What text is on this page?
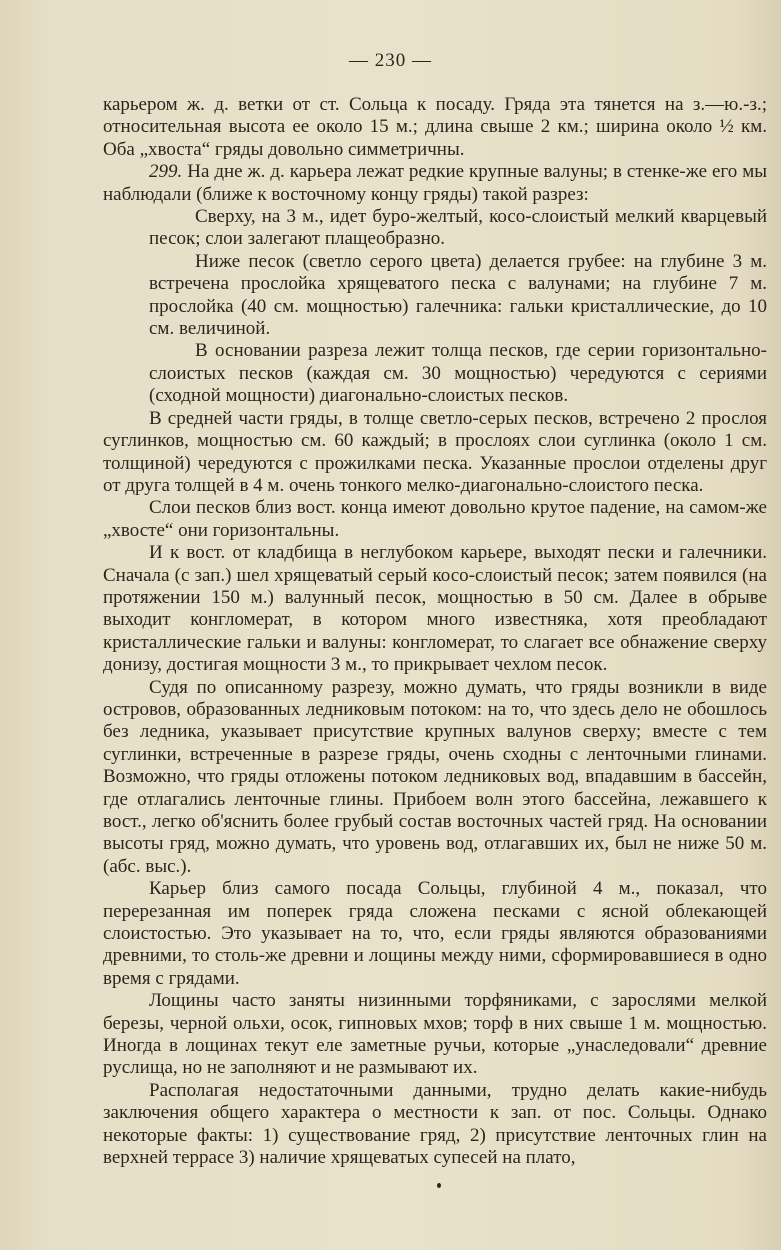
— 230 —

карьером ж. д. ветки от ст. Сольца к посаду. Гряда эта тянется на з.—ю.-з.; относительная высота ее около 15 м.; длина свыше 2 км.; ширина около ½ км. Оба „хвоста“ гряды довольно симметричны.

299. На дне ж. д. карьера лежат редкие крупные валуны; в стенке-же его мы наблюдали (ближе к восточному концу гряды) такой разрез:

Сверху, на 3 м., идет буро-желтый, косо-слоистый мелкий кварцевый песок; слои залегают плащеобразно.

Ниже песок (светло серого цвета) делается грубее: на глубине 3 м. встречена прослойка хрящеватого песка с валунами; на глубине 7 м. прослойка (40 см. мощностью) галечника: гальки кристаллические, до 10 см. величиной.

В основании разреза лежит толща песков, где серии горизонтально-слоистых песков (каждая см. 30 мощностью) чередуются с сериями (сходной мощности) диагонально-слоистых песков.

В средней части гряды, в толще светло-серых песков, встречено 2 прослоя суглинков, мощностью см. 60 каждый; в прослоях слои суглинка (около 1 см. толщиной) чередуются с прожилками песка. Указанные прослои отделены друг от друга толщей в 4 м. очень тонкого мелко-диагонально-слоистого песка.

Слои песков близ вост. конца имеют довольно крутое падение, на самом-же „хвосте“ они горизонтальны.

И к вост. от кладбища в неглубоком карьере, выходят пески и галечники. Сначала (с зап.) шел хрящеватый серый косо-слоистый песок; затем появился (на протяжении 150 м.) валунный песок, мощностью в 50 см. Далее в обрыве выходит конгломерат, в котором много известняка, хотя преобладают кристаллические гальки и валуны: конгломерат, то слагает все обнажение сверху донизу, достигая мощности 3 м., то прикрывает чехлом песок.

Судя по описанному разрезу, можно думать, что гряды возникли в виде островов, образованных ледниковым потоком: на то, что здесь дело не обошлось без ледника, указывает присутствие крупных валунов сверху; вместе с тем суглинки, встреченные в разрезе гряды, очень сходны с ленточными глинами. Возможно, что гряды отложены потоком ледниковых вод, впадавшим в бассейн, где отлагались ленточные глины. Прибоем волн этого бассейна, лежавшего к вост., легко об'яснить более грубый состав восточных частей гряд. На основании высоты гряд, можно думать, что уровень вод, отлагавших их, был не ниже 50 м. (абс. выс.).

Карьер близ самого посада Сольцы, глубиной 4 м., показал, что перерезанная им поперек гряда сложена песками с ясной облекающей слоистостью. Это указывает на то, что, если гряды являются образованиями древними, то столь-же древни и лощины между ними, сформировавшиеся в одно время с грядами.

Лощины часто заняты низинными торфяниками, с зарослями мелкой березы, черной ольхи, осок, гипновых мхов; торф в них свыше 1 м. мощностью. Иногда в лощинах текут еле заметные ручьи, которые „унаследовали“ древние руслища, но не заполняют и не размывают их.

Располагая недостаточными данными, трудно делать какие-нибудь заключения общего характера о местности к зап. от пос. Сольцы. Однако некоторые факты: 1) существование гряд, 2) присутствие ленточных глин на верхней террасе 3) наличие хрящеватых супесей на плато,
